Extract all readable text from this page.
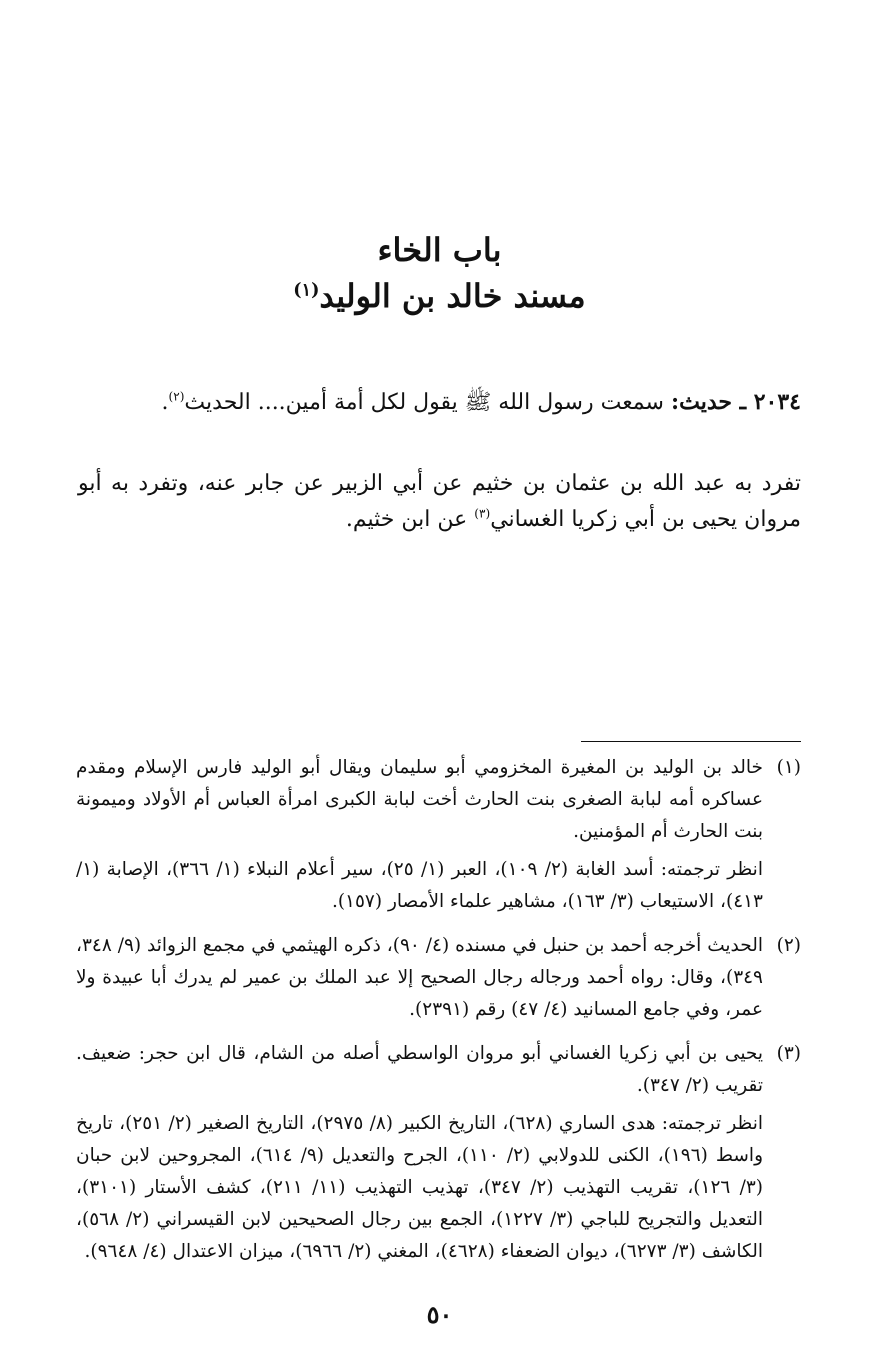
باب الخاء
مسند خالد بن الوليد$^{(١)}$
٢٠٣٤ ـ حديث: سمعت رسول الله ﷺ يقول لكل أمة أمين.... الحديث$^{(٢)}$.
تفرد به عبد الله بن عثمان بن خثيم عن أبي الزبير عن جابر عنه، وتفرد به أبو مروان يحيى بن أبي زكريا الغساني$^{(٣)}$ عن ابن خثيم.
(١)

خالد بن الوليد بن المغيرة المخزومي أبو سليمان ويقال أبو الوليد فارس الإسلام ومقدم عساكره أمه لبابة الصغرى بنت الحارث أخت لبابة الكبرى امرأة العباس أم الأولاد وميمونة بنت الحارث أم المؤمنين.

انظر ترجمته: أسد الغابة (٢/ ١٠٩)، العبر (١/ ٢٥)، سير أعلام النبلاء (١/ ٣٦٦)، الإصابة (١/ ٤١٣)، الاستيعاب (٣/ ١٦٣)، مشاهير علماء الأمصار (١٥٧).

(٢)

الحديث أخرجه أحمد بن حنبل في مسنده (٤/ ٩٠)، ذكره الهيثمي في مجمع الزوائد (٩/ ٣٤٨، ٣٤٩)، وقال: رواه أحمد ورجاله رجال الصحيح إلا عبد الملك بن عمير لم يدرك أبا عبيدة ولا عمر، وفي جامع المسانيد (٤/ ٤٧) رقم (٢٣٩١).

(٣)

يحيى بن أبي زكريا الغساني أبو مروان الواسطي أصله من الشام، قال ابن حجر: ضعيف. تقريب (٢/ ٣٤٧).

انظر ترجمته: هدى الساري (٦٢٨)، التاريخ الكبير (٨/ ٢٩٧٥)، التاريخ الصغير (٢/ ٢٥١)، تاريخ واسط (١٩٦)، الكنى للدولابي (٢/ ١١٠)، الجرح والتعديل (٩/ ٦١٤)، المجروحين لابن حبان (٣/ ١٢٦)، تقريب التهذيب (٢/ ٣٤٧)، تهذيب التهذيب (١١/ ٢١١)، كشف الأستار (٣١٠١)، التعديل والتجريح للباجي (٣/ ١٢٢٧)، الجمع بين رجال الصحيحين لابن القيسراني (٢/ ٥٦٨)، الكاشف (٣/ ٦٢٧٣)، ديوان الضعفاء (٤٦٢٨)، المغني (٢/ ٦٩٦٦)، ميزان الاعتدال (٤/ ٩٦٤٨).

٥٠
